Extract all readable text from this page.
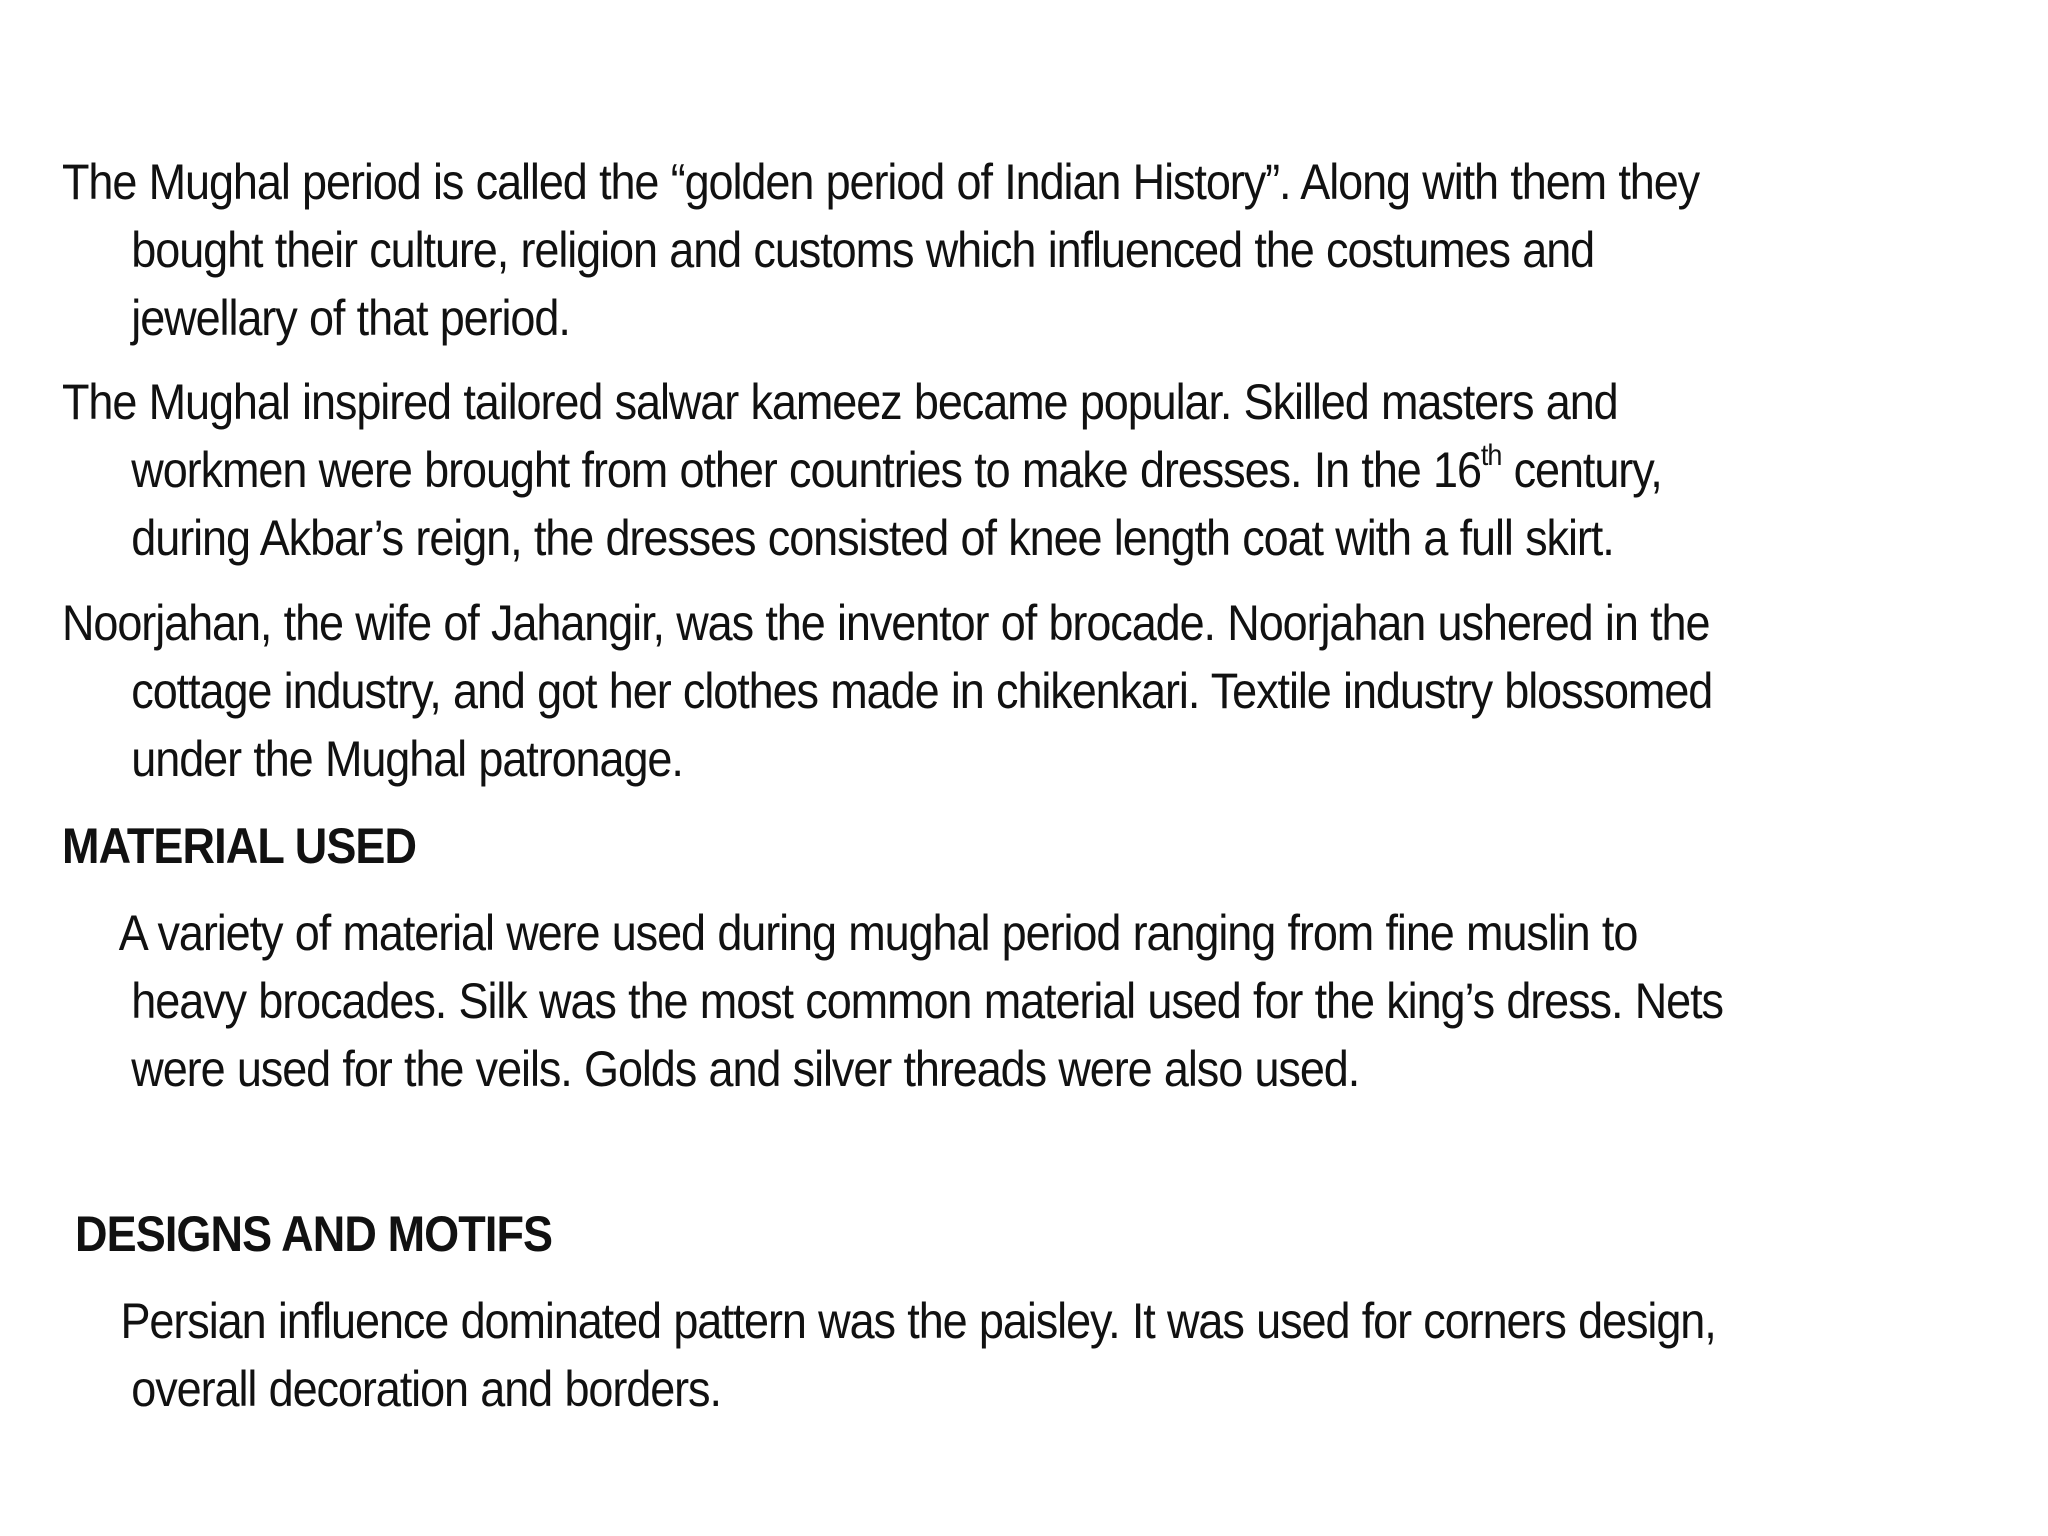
The Mughal period is called the “golden period of Indian History”. Along with them they
bought their culture, religion and customs which influenced the costumes and
jewellary of that period.

The Mughal inspired tailored salwar kameez became popular. Skilled masters and
workmen were brought from other countries to make dresses. In the 16th century,
during Akbar’s reign, the dresses consisted of knee length coat with a full skirt.

Noorjahan, the wife of Jahangir, was the inventor of brocade. Noorjahan ushered in the
cottage industry, and got her clothes made in chikenkari. Textile industry blossomed
under the Mughal patronage.

MATERIAL USED

A variety of material were used during mughal period ranging from fine muslin to
heavy brocades. Silk was the most common material used for the king’s dress. Nets
were used for the veils. Golds and silver threads were also used.

DESIGNS AND MOTIFS

Persian influence dominated pattern was the paisley. It was used for corners design,
overall decoration and borders.
